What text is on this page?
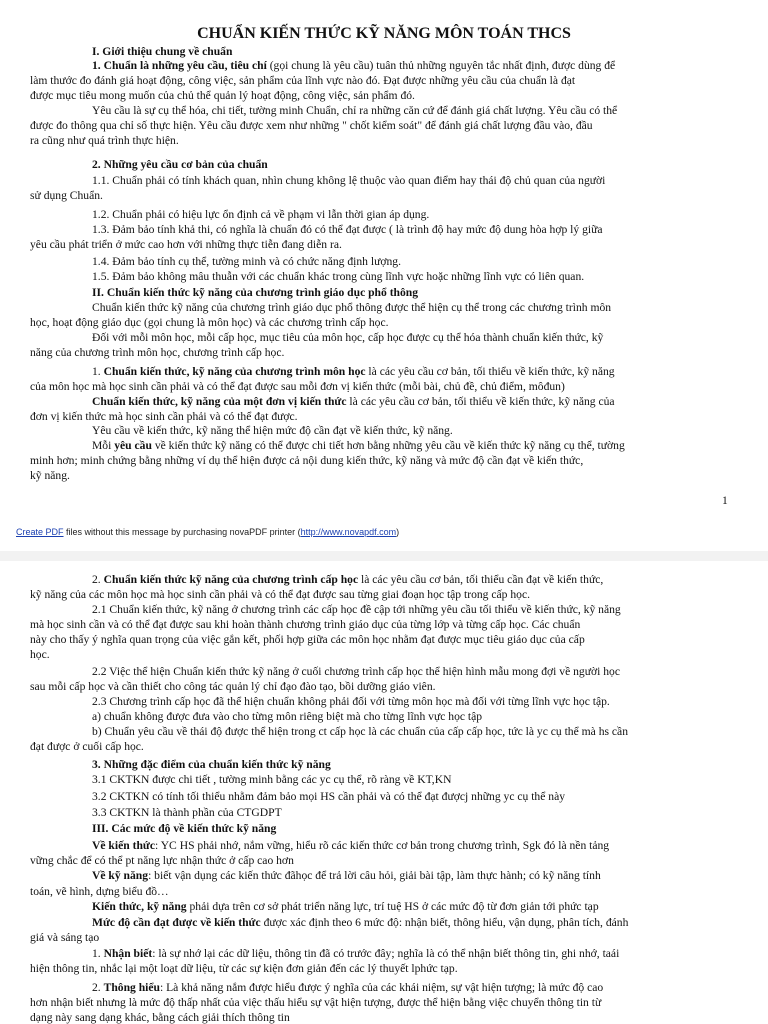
CHUẨN KIẾN THỨC KỸ NĂNG MÔN TOÁN THCS
I. Giới thiệu chung về chuẩn
1. Chuẩn là những yêu cầu, tiêu chí (gọi chung là yêu cầu) tuân thủ những nguyên tắc nhất định, được dùng để
làm thước đo đánh giá hoạt động, công việc, sản phẩm của lĩnh vực nào đó. Đạt được những yêu cầu của chuẩn là đạt
được mục tiêu mong muốn của chủ thể quản lý hoạt động, công việc, sản phẩm đó.
Yêu cầu là sự cụ thể hóa, chi tiết, tường minh Chuẩn, chỉ ra những căn cứ để đánh giá chất lượng. Yêu cầu có thể
được đo thông qua chỉ số thực hiện. Yêu cầu được xem như những " chốt kiểm soát" để đánh giá chất lượng đầu vào, đầu
ra cũng như quá trình thực hiện.
2. Những yêu cầu cơ bản của chuẩn
1.1. Chuẩn phải có tính khách quan, nhìn chung không lệ thuộc vào quan điểm hay thái độ chủ quan của người
sử dụng Chuẩn.
1.2. Chuẩn phải có hiệu lực ổn định cả về phạm vi lẫn thời gian áp dụng.
1.3. Đảm bảo tính khả thi, có nghĩa là chuẩn đó có thể đạt được ( là trình độ hay mức độ dung hòa hợp lý giữa
yêu cầu phát triển ở mức cao hơn với những thực tiễn đang diễn ra.
1.4. Đảm bảo tính cụ thể, tường minh và có chức năng định lượng.
1.5. Đảm bảo không mâu thuẫn với các chuẩn khác trong cùng lĩnh vực hoặc những lĩnh vực có liên quan.
II. Chuẩn kiến thức kỹ năng của chương trình giáo dục phổ thông
Chuẩn kiến thức kỹ năng của chương trình giáo dục phổ thông được thể hiện cụ thể trong các chương trình môn
học, hoạt động giáo dục (gọi chung là môn học) và các chương trình cấp học.
Đối với mỗi môn học, mỗi cấp học, mục tiêu của môn học, cấp học được cụ thể hóa thành chuẩn kiến thức, kỹ
năng của chương trình môn học, chương trình cấp học.
1. Chuẩn kiến thức, kỹ năng của chương trình môn học là các yêu cầu cơ bản, tối thiểu về kiến thức, kỹ năng
của môn học mà học sinh cần phải và có thể đạt được sau mỗi đơn vị kiến thức (mỗi bài, chủ đề, chủ điểm, môđun)
Chuẩn kiến thức, kỹ năng của một đơn vị kiến thức là các yêu cầu cơ bản, tối thiểu về kiến thức, kỹ năng của
đơn vị kiến thức mà học sinh cần phải và có thể đạt được.
Yêu cầu về kiến thức, kỹ năng thể hiện mức độ cần đạt về kiến thức, kỹ năng.
Mỗi yêu cầu về kiến thức kỹ năng có thể được chi tiết hơn bằng những yêu cầu về kiến thức kỹ năng cụ thể, tường
minh hơn; minh chứng bằng những ví dụ thể hiện được cả nội dung kiến thức, kỹ năng và mức độ cần đạt về kiến thức,
kỹ năng.
1
Create PDF files without this message by purchasing novaPDF printer (http://www.novapdf.com)
2. Chuẩn kiến thức kỹ năng của chương trình cấp học là các yêu cầu cơ bản, tối thiểu cần đạt về kiến thức,
kỹ năng của các môn học mà học sinh cần phải và có thể đạt được sau từng giai đoạn học tập trong cấp học.
2.1 Chuẩn kiến thức, kỹ năng ở chương trình các cấp học đề cập tới những yêu cầu tối thiểu về kiến thức, kỹ năng
mà học sinh cần và có thể đạt được sau khi hoàn thành chương trình giáo dục của từng lớp và từng cấp học. Các chuẩn
này cho thấy ý nghĩa quan trọng của việc gắn kết, phối hợp giữa các môn học nhằm đạt được mục tiêu giáo dục của cấp
học.
2.2 Việc thể hiện Chuẩn kiến thức kỹ năng ở cuối chương trình cấp học thể hiện hình mẫu mong đợi về người học
sau mỗi cấp học và cần thiết cho công tác quản lý chỉ đạo đào tạo, bồi dưỡng giáo viên.
2.3 Chương trình cấp học đã thể hiện chuẩn không phải đối với từng môn học mà đối với từng lĩnh vực học tập.
a) chuẩn không được đưa vào cho từng môn riêng biệt mà cho từng lĩnh vực học tập
b) Chuẩn yêu cầu về thái độ được thể hiện trong ct cấp học là các chuẩn của cấp cấp học, tức là yc cụ thể mà hs cần
đạt được ở cuối cấp học.
3. Những đặc điểm của chuẩn kiến thức kỹ năng
3.1 CKTKN được chi tiết , tường minh bằng các yc cụ thể, rõ ràng về KT,KN
3.2 CKTKN có tính tối thiểu nhằm đảm bảo mọi HS cần phải và có thể đạt đượcj những yc cụ thể này
3.3 CKTKN là thành phần của CTGDPT
III. Các mức độ về kiến thức kỹ năng
Về kiến thức: YC HS phải nhớ, nắm vững, hiểu rõ các kiến thức cơ bản trong chương trình, Sgk đó là nền tảng
vững chắc để có thể pt năng lực nhận thức ở cấp cao hơn
Về kỹ năng: biết vận dụng các kiến thức đãhọc để trả lời câu hỏi, giải bài tập, làm thực hành; có kỹ năng tính
toán, vẽ hình, dựng biểu đồ…
Kiến thức, kỹ năng phải dựa trên cơ sở phát triển năng lực, trí tuệ HS ở các mức độ từ đơn giản tới phức tạp
Mức độ cần đạt được về kiến thức được xác định theo 6 mức độ: nhận biết, thông hiểu, vận dụng, phân tích, đánh
giá và sáng tạo
1. Nhận biết: là sự nhớ lại các dữ liệu, thông tin đã có trước đây; nghĩa là có thể nhận biết thông tin, ghi nhớ, taái
hiện thông tin, nhắc lại một loạt dữ liệu, từ các sự kiện đơn giản đến các lý thuyết lphức tạp.
2. Thông hiểu: Là khả năng nắm được hiểu được ý nghĩa của các khái niệm, sự vật hiện tượng; là mức độ cao
hơn nhận biết nhưng là mức độ thấp nhất của việc thấu hiểu sự vật hiện tượng, được thể hiện bằng việc chuyển thông tin từ
dạng này sang dạng khác, bằng cách giải thích thông tin
